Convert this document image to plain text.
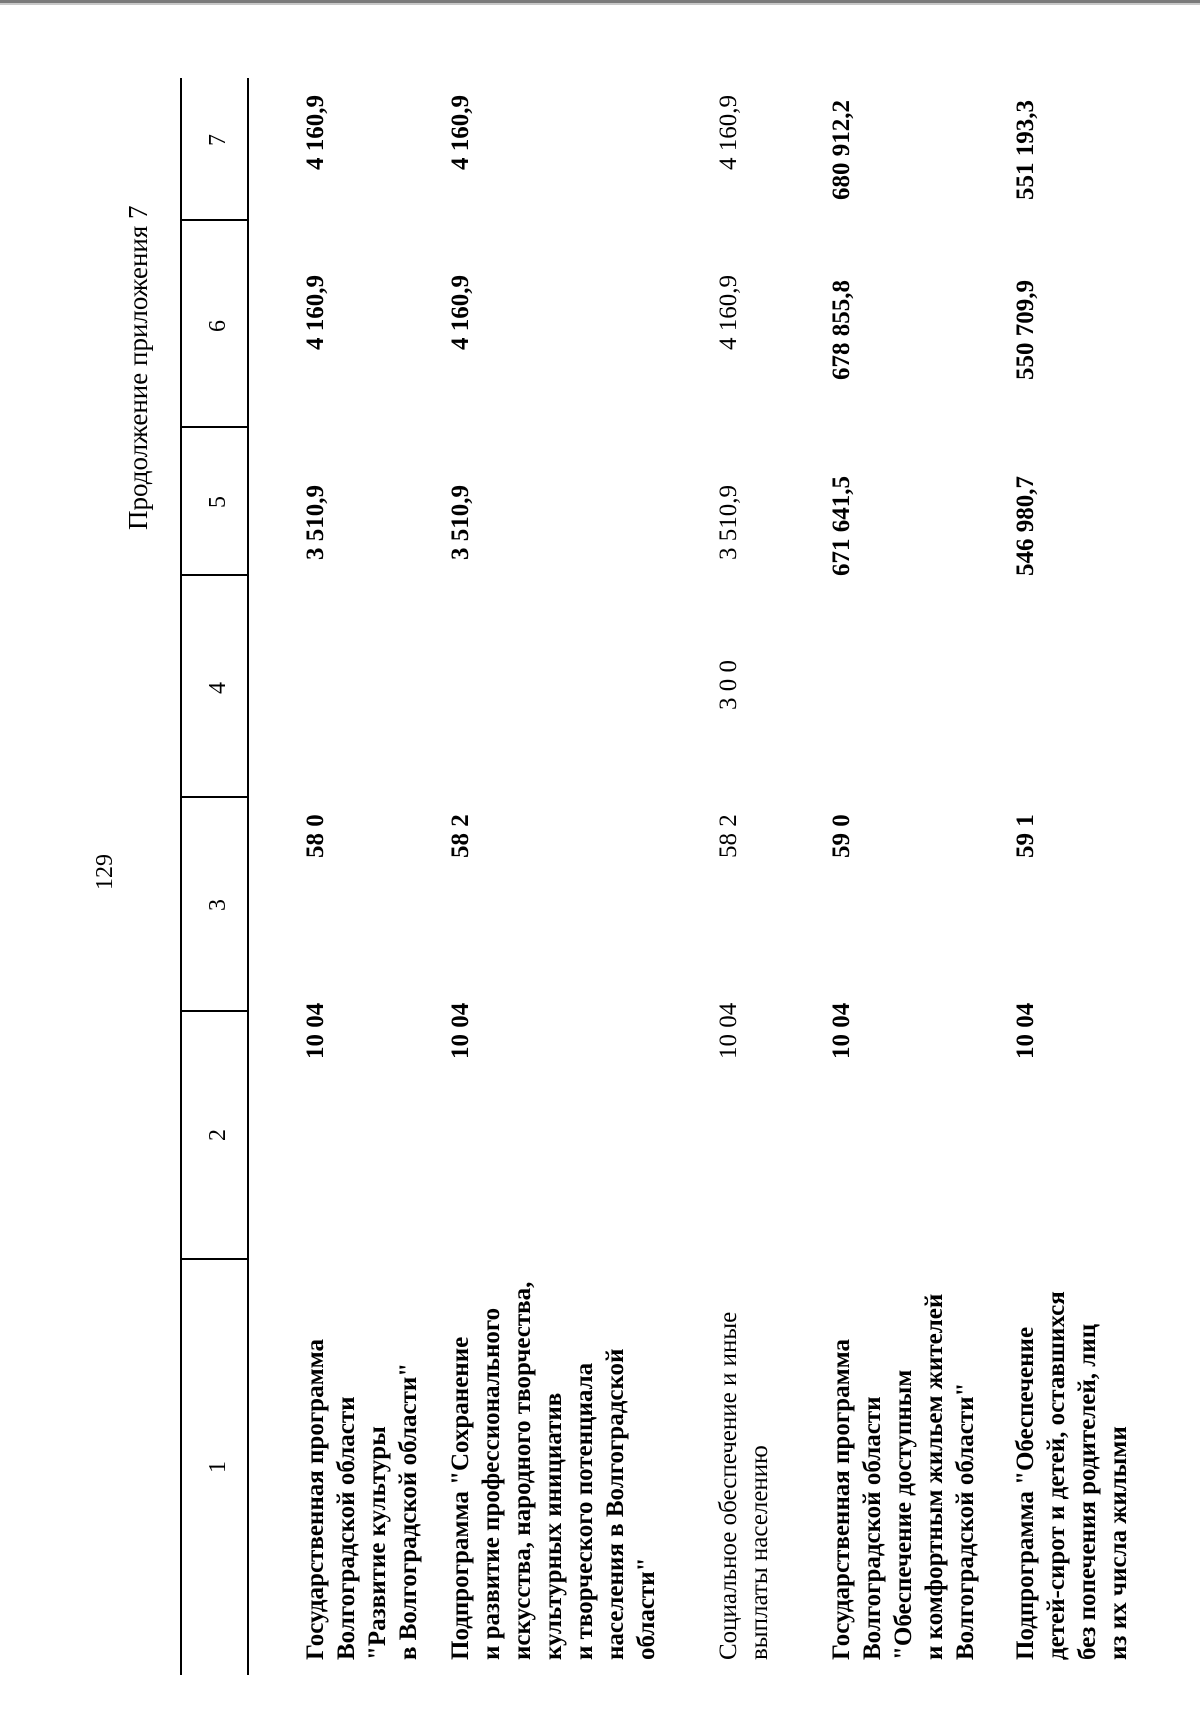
129
Продолжение приложения 7
1
2
3
4
5
6
7
Государственная программа Волгоградской области "Развитие культуры в Волгоградской области"
10 04
58 0
3 510,9
4 160,9
4 160,9
Подпрограмма "Сохранение и развитие профессионального искусства, народного творчества, культурных инициатив и творческого потенциала населения в Волгоградской области"
10 04
58 2
3 510,9
4 160,9
4 160,9
Социальное обеспечение и иные выплаты населению
10 04
58 2
3 0 0
3 510,9
4 160,9
4 160,9
Государственная программа Волгоградской области "Обеспечение доступным и комфортным жильем жителей Волгоградской области"
10 04
59 0
671 641,5
678 855,8
680 912,2
Подпрограмма "Обеспечение детей-сирот и детей, оставшихся без попечения родителей, лиц из их числа жилыми
10 04
59 1
546 980,7
550 709,9
551 193,3
